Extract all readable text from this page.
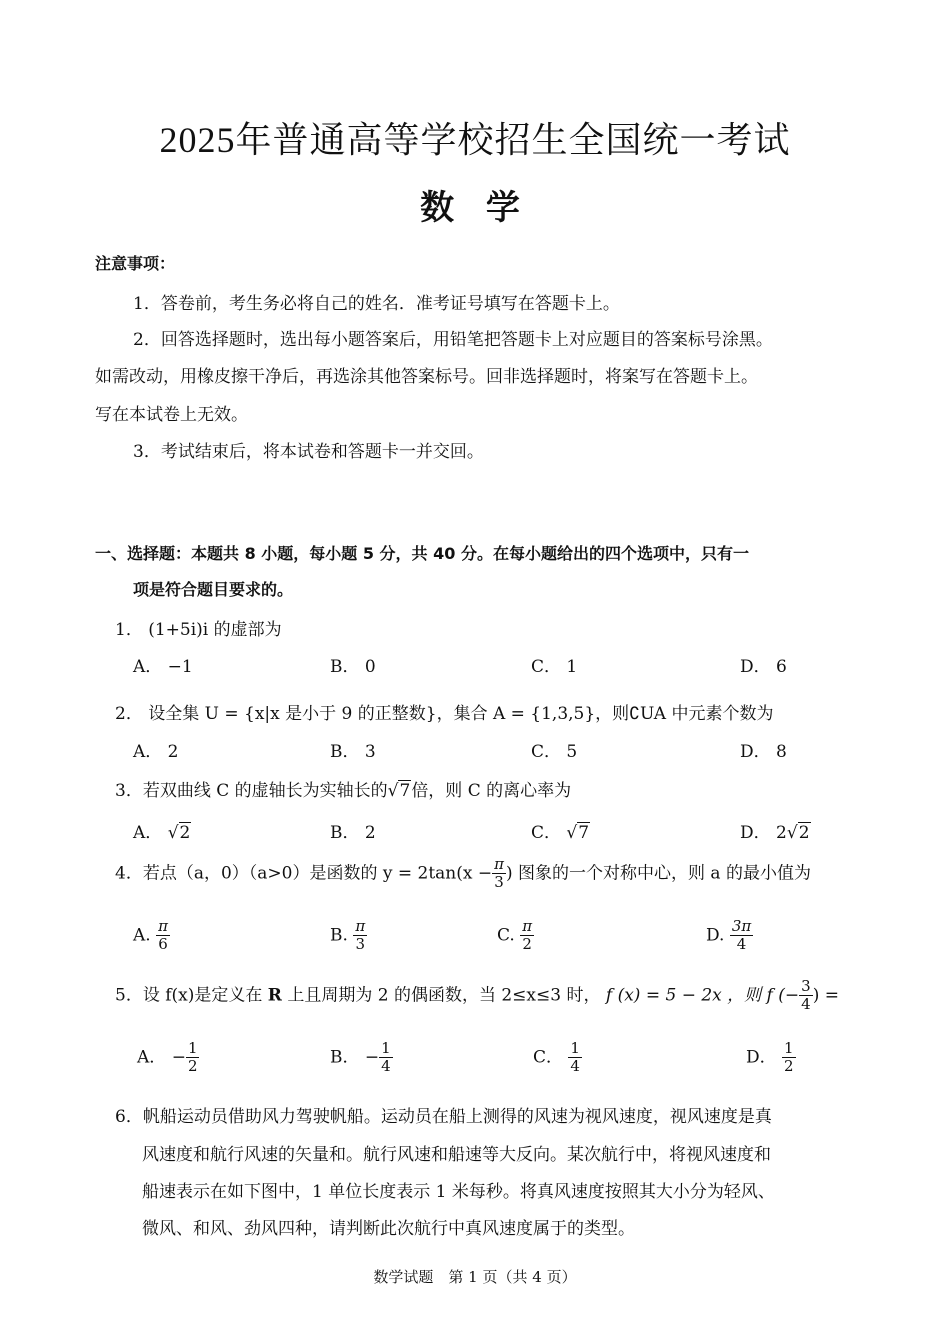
2025年普通高等学校招生全国统一考试
数 学
注意事项：
1．答卷前，考生务必将自己的姓名．准考证号填写在答题卡上。
2．回答选择题时，选出每小题答案后，用铅笔把答题卡上对应题目的答案标号涂黑。
如需改动，用橡皮擦干净后，再选涂其他答案标号。回非选择题时，将案写在答题卡上。
写在本试卷上无效。
3．考试结束后，将本试卷和答题卡一并交回。
一、选择题：本题共 8 小题，每小题 5 分，共 40 分。在每小题给出的四个选项中，只有一
项是符合题目要求的。
1． (1+5i)i 的虚部为
A． −1	B． 0	C． 1	D． 6
2． 设全集 U = {x|x 是小于 9 的正整数}，集合 A = {1,3,5}，则∁UA 中元素个数为
A． 2	B． 3	C． 5	D． 8
3．若双曲线 C 的虚轴长为实轴长的√7倍，则 C 的离心率为
A． √2	B． 2	C． √7	D． 2√2
4．若点（a，0）（a>0）是函数的 $y = 2\tan(x - \frac{\pi}{3}$ ) 图象的一个对称中心，则 a 的最小值为
A. $\frac{\pi}{6}$	B. $\frac{\pi}{3}$	C. $\frac{\pi}{2}$	D. $\frac{3\pi}{4}$
5．设 f(x)是定义在 R 上且周期为 2 的偶函数，当 2≤x≤3 时， f (x) = 5 − 2x ，则 f (− $\frac{3}{4}$ ) =
A． − $\frac{1}{2}$	B． − $\frac{1}{4}$	C． $\frac{1}{4}$	D． $\frac{1}{2}$
6．帆船运动员借助风力驾驶帆船。运动员在船上测得的风速为视风速度，视风速度是真
风速度和航行风速的矢量和。航行风速和船速等大反向。某次航行中，将视风速度和
船速表示在如下图中，1 单位长度表示 1 米每秒。将真风速度按照其大小分为轻风、
微风、和风、劲风四种，请判断此次航行中真风速度属于的类型。
数学试题　第 1 页（共 4 页）
